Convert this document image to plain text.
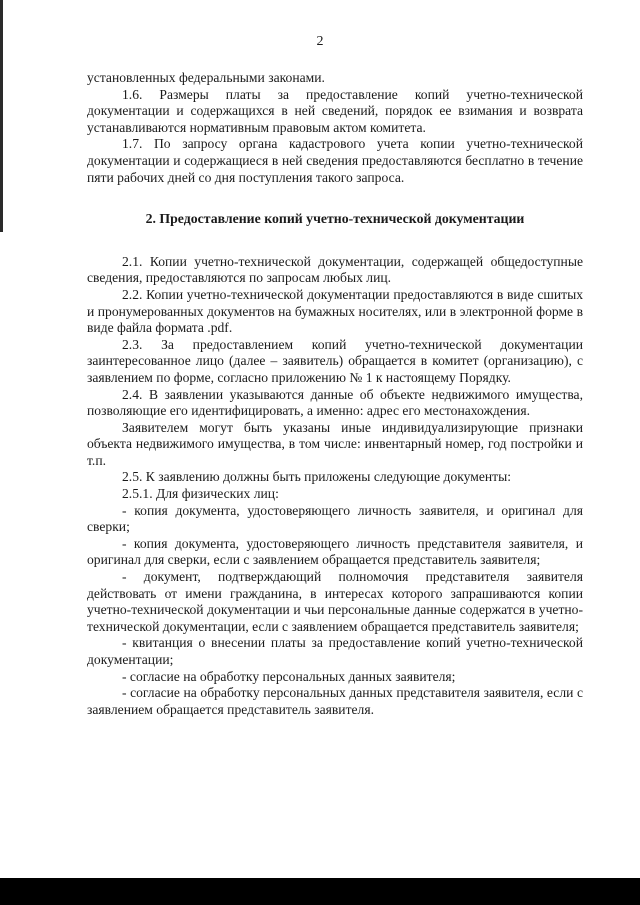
2

установленных федеральными законами.

1.6. Размеры платы за предоставление копий учетно-технической документации и содержащихся в ней сведений, порядок ее взимания и возврата устанавливаются нормативным правовым актом комитета.

1.7. По запросу органа кадастрового учета копии учетно-технической документации и содержащиеся в ней сведения предоставляются бесплатно в течение пяти рабочих дней со дня поступления такого запроса.

2. Предоставление копий учетно-технической документации

2.1. Копии учетно-технической документации, содержащей общедоступные сведения, предоставляются по запросам любых лиц.

2.2. Копии учетно-технической документации предоставляются в виде сшитых и пронумерованных документов на бумажных носителях, или в электронной форме в виде файла формата .pdf.

2.3. За предоставлением копий учетно-технической документации заинтересованное лицо (далее – заявитель) обращается в комитет (организацию), с заявлением по форме, согласно приложению № 1 к настоящему Порядку.

2.4. В заявлении указываются данные об объекте недвижимого имущества, позволяющие его идентифицировать, а именно: адрес его местонахождения.

Заявителем могут быть указаны иные индивидуализирующие признаки объекта недвижимого имущества, в том числе: инвентарный номер, год постройки и т.п.

2.5. К заявлению должны быть приложены следующие документы:

2.5.1. Для физических лиц:

- копия документа, удостоверяющего личность заявителя, и оригинал для сверки;

- копия документа, удостоверяющего личность представителя заявителя, и оригинал для сверки, если с заявлением обращается представитель заявителя;

- документ, подтверждающий полномочия представителя заявителя действовать от имени гражданина, в интересах которого запрашиваются копии учетно-технической документации и чьи персональные данные содержатся в учетно-технической документации, если с заявлением обращается представитель заявителя;

- квитанция о внесении платы за предоставление копий учетно-технической документации;

- согласие на обработку персональных данных заявителя;

- согласие на обработку персональных данных представителя заявителя, если с заявлением обращается представитель заявителя.
